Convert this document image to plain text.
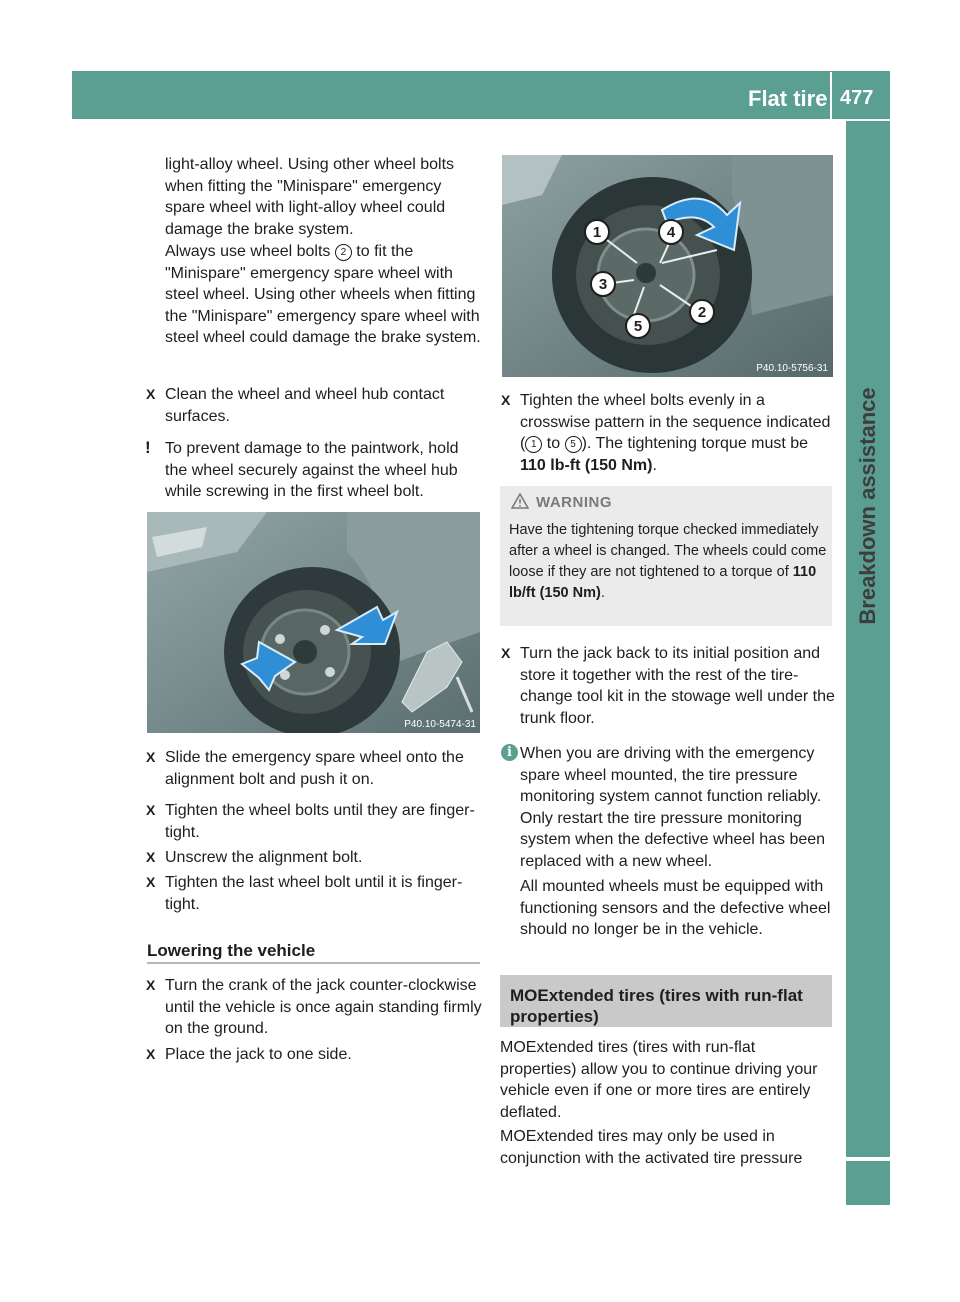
Flat tire 477
Breakdown assistance

light-alloy wheel. Using other wheel bolts when fitting the "Minispare" emergency spare wheel with light-alloy wheel could damage the brake system.

Always use wheel bolts 2 to fit the "Minispare" emergency spare wheel with steel wheel. Using other wheels when fitting the "Minispare" emergency spare wheel with steel wheel could damage the brake system.

X Clean the wheel and wheel hub contact surfaces.
! To prevent damage to the paintwork, hold the wheel securely against the wheel hub while screwing in the first wheel bolt.
P40.10-5474-31
X Slide the emergency spare wheel onto the alignment bolt and push it on.
X Tighten the wheel bolts until they are finger-tight.
X Unscrew the alignment bolt.
X Tighten the last wheel bolt until it is finger-tight.
Lowering the vehicle
X Turn the crank of the jack counter-clockwise until the vehicle is once again standing firmly on the ground.
X Place the jack to one side.
1
2
3
4
5
P40.10-5756-31
X Tighten the wheel bolts evenly in a crosswise pattern in the sequence indicated ( 1 to 5 ). The tightening torque must be 110 lb-ft (150 Nm).
WARNING
Have the tightening torque checked immediately after a wheel is changed. The wheels could come loose if they are not tightened to a torque of 110 lb/ft (150 Nm).
X Turn the jack back to its initial position and store it together with the rest of the tire-change tool kit in the stowage well under the trunk floor.
i When you are driving with the emergency spare wheel mounted, the tire pressure monitoring system cannot function reliably. Only restart the tire pressure monitoring system when the defective wheel has been replaced with a new wheel.

All mounted wheels must be equipped with functioning sensors and the defective wheel should no longer be in the vehicle.

MOExtended tires (tires with run-flat properties)

MOExtended tires (tires with run-flat properties) allow you to continue driving your vehicle even if one or more tires are entirely deflated.

MOExtended tires may only be used in conjunction with the activated tire pressure
